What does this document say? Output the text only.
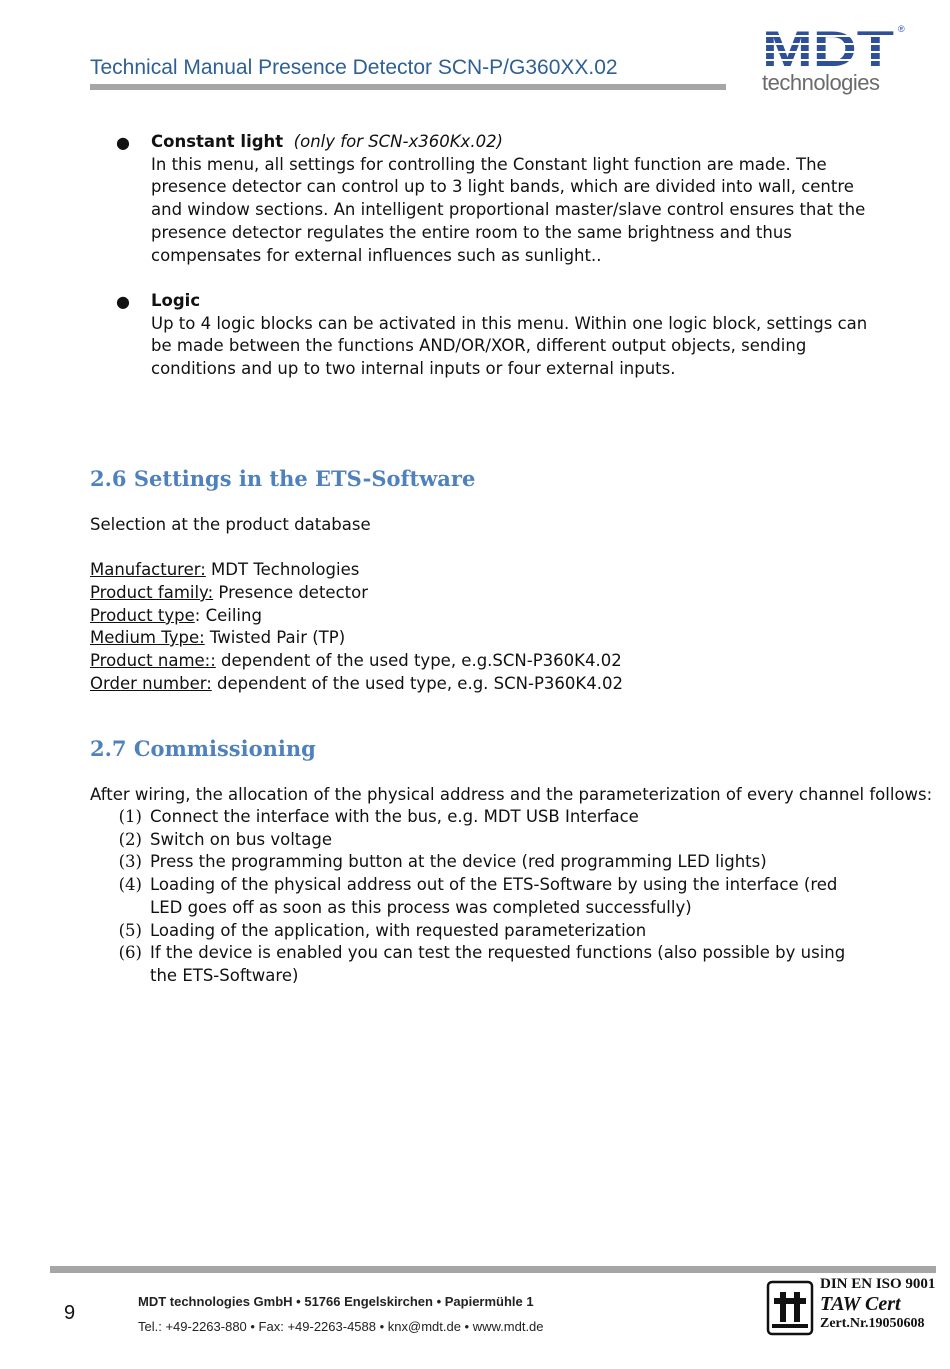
Technical Manual Presence Detector SCN-P/G360XX.02	MDT ®
technologies
● Constant light (only for SCN-x360Kx.02)
In this menu, all settings for controlling the Constant light function are made. The presence detector can control up to 3 light bands, which are divided into wall, centre and window sections. An intelligent proportional master/slave control ensures that the presence detector regulates the entire room to the same brightness and thus compensates for external influences such as sunlight..
● Logic
Up to 4 logic blocks can be activated in this menu. Within one logic block, settings can be made between the functions AND/OR/XOR, different output objects, sending conditions and up to two internal inputs or four external inputs.
2.6 Settings in the ETS-Software
Selection at the product database
Manufacturer: MDT Technologies
Product family: Presence detector
Product type: Ceiling
Medium Type: Twisted Pair (TP)
Product name:: dependent of the used type, e.g.SCN-P360K4.02
Order number: dependent of the used type, e.g. SCN-P360K4.02
2.7 Commissioning
After wiring, the allocation of the physical address and the parameterization of every channel follows:
(1) Connect the interface with the bus, e.g. MDT USB Interface
(2) Switch on bus voltage
(3) Press the programming button at the device (red programming LED lights)
(4) Loading of the physical address out of the ETS-Software by using the interface (red LED goes off as soon as this process was completed successfully)
(5) Loading of the application, with requested parameterization
(6) If the device is enabled you can test the requested functions (also possible by using the ETS-Software)
9
MDT technologies GmbH • 51766 Engelskirchen • Papiermühle 1
Tel.: +49-2263-880 • Fax: +49-2263-4588 • knx@mdt.de • www.mdt.de
DIN EN ISO 9001
TAW Cert
Zert.Nr.19050608
